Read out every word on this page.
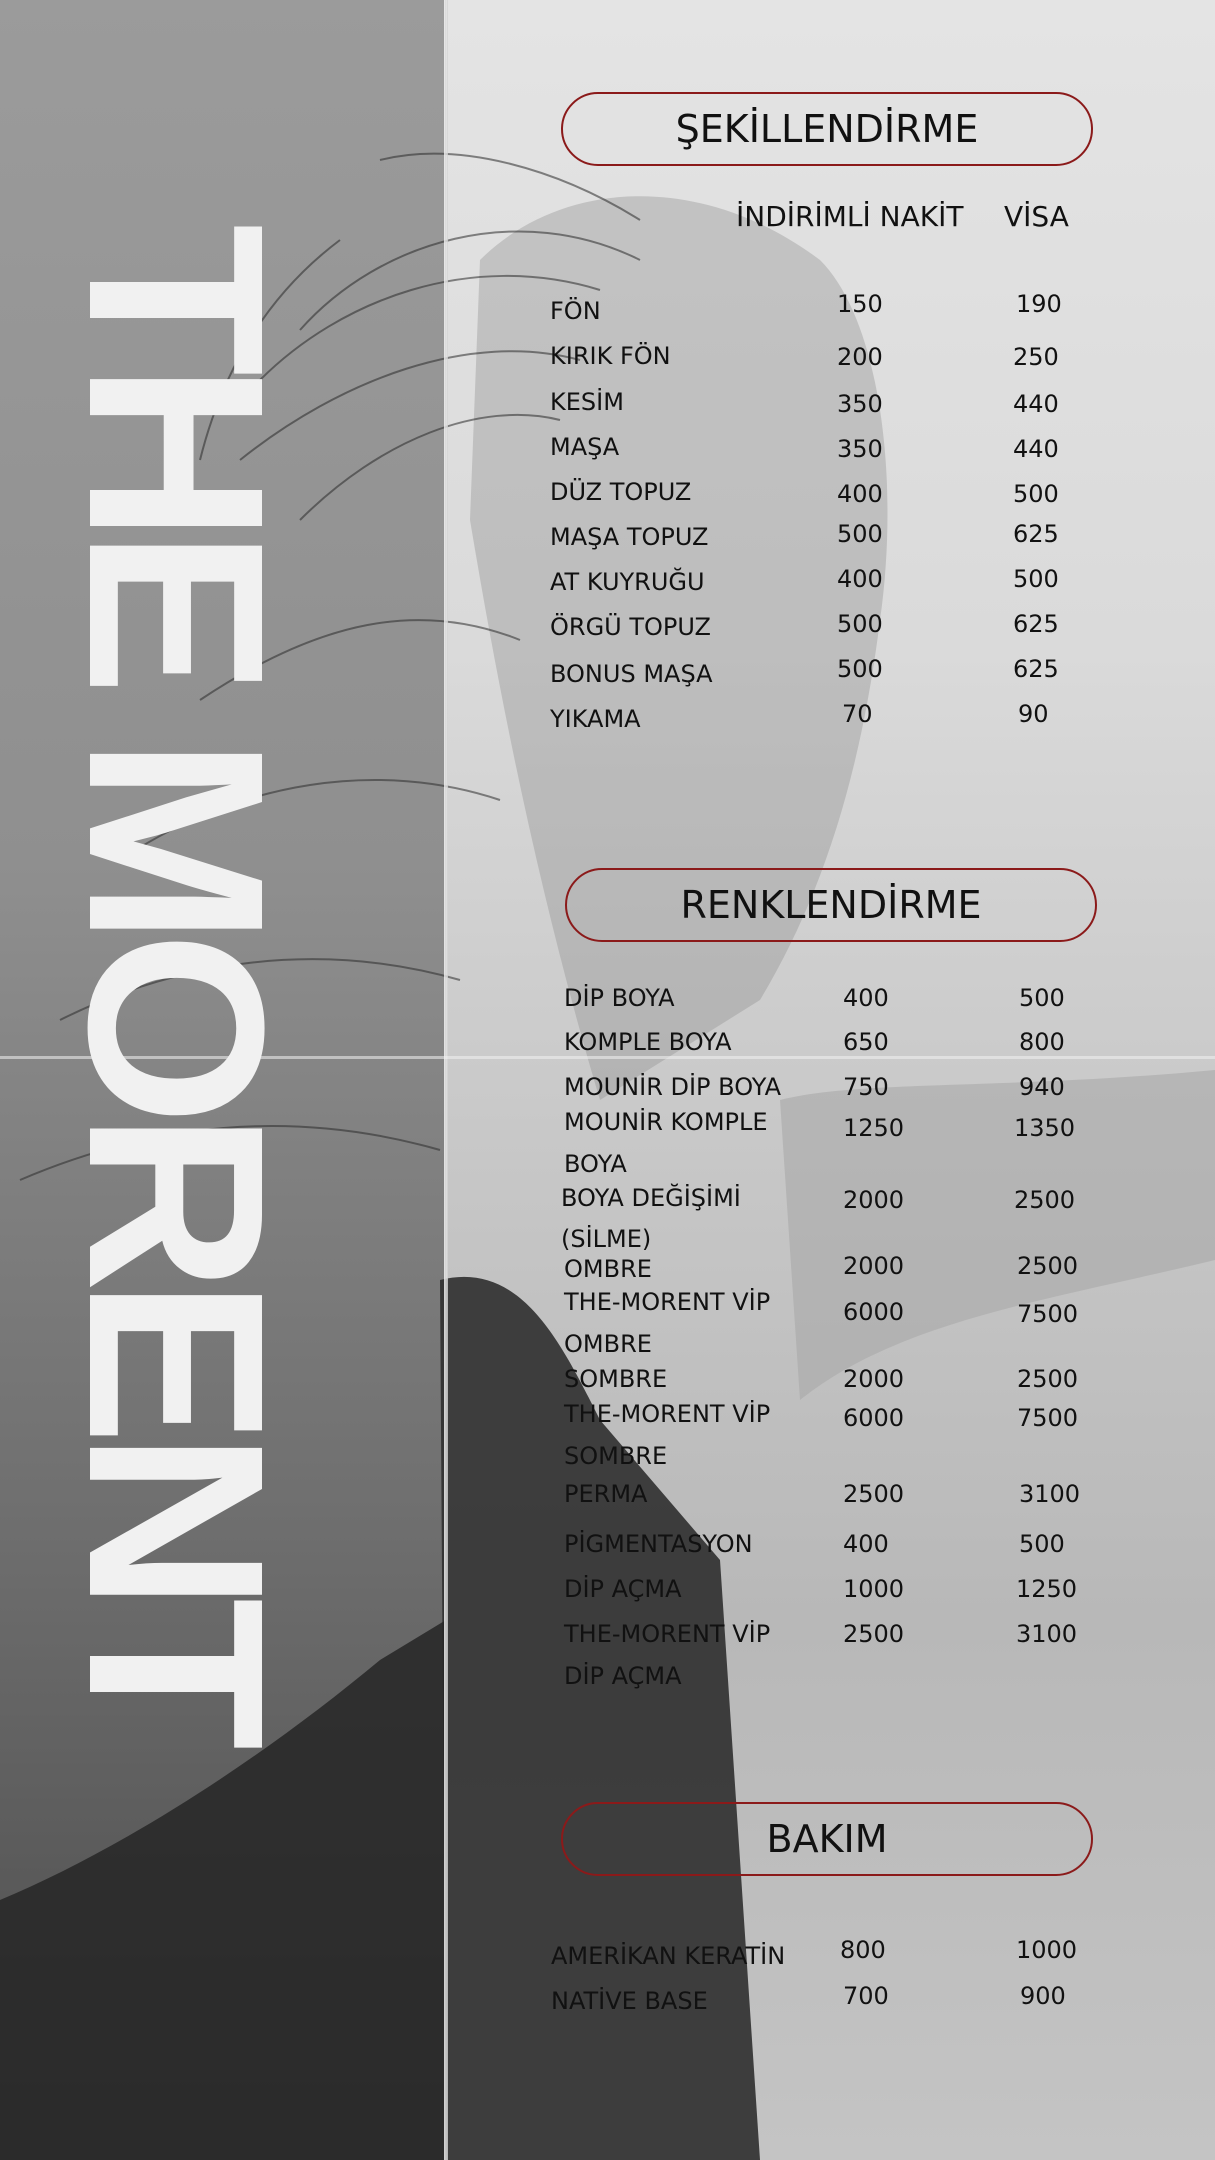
THE MORENT
ŞEKİLLENDİRME
İNDİRİMLİ NAKİT VİSA
FÖN	150	190
KIRIK FÖN	200	250
KESİM	350	440
MAŞA	350	440
DÜZ TOPUZ	400	500
MAŞA TOPUZ	500	625
AT KUYRUĞU	400	500
ÖRGÜ TOPUZ	500	625
BONUS MAŞA	500	625
YIKAMA	70	90
RENKLENDİRME
DİP BOYA	400	500
KOMPLE BOYA	650	800
MOUNİR DİP BOYA	750	940
MOUNİR KOMPLE
BOYA
1250	1350
BOYA DEĞİŞİMİ
(SİLME)
2000	2500
OMBRE	2000	2500
THE-MORENT VİP
OMBRE
6000	7500
SOMBRE	2000	2500
THE-MORENT VİP
SOMBRE
6000	7500
PERMA	2500	3100
PİGMENTASYON	400	500
DİP AÇMA	1000	1250
THE-MORENT VİP
DİP AÇMA
2500	3100
BAKIM
AMERİKAN KERATİN 800	1000
NATİVE BASE	700	900
